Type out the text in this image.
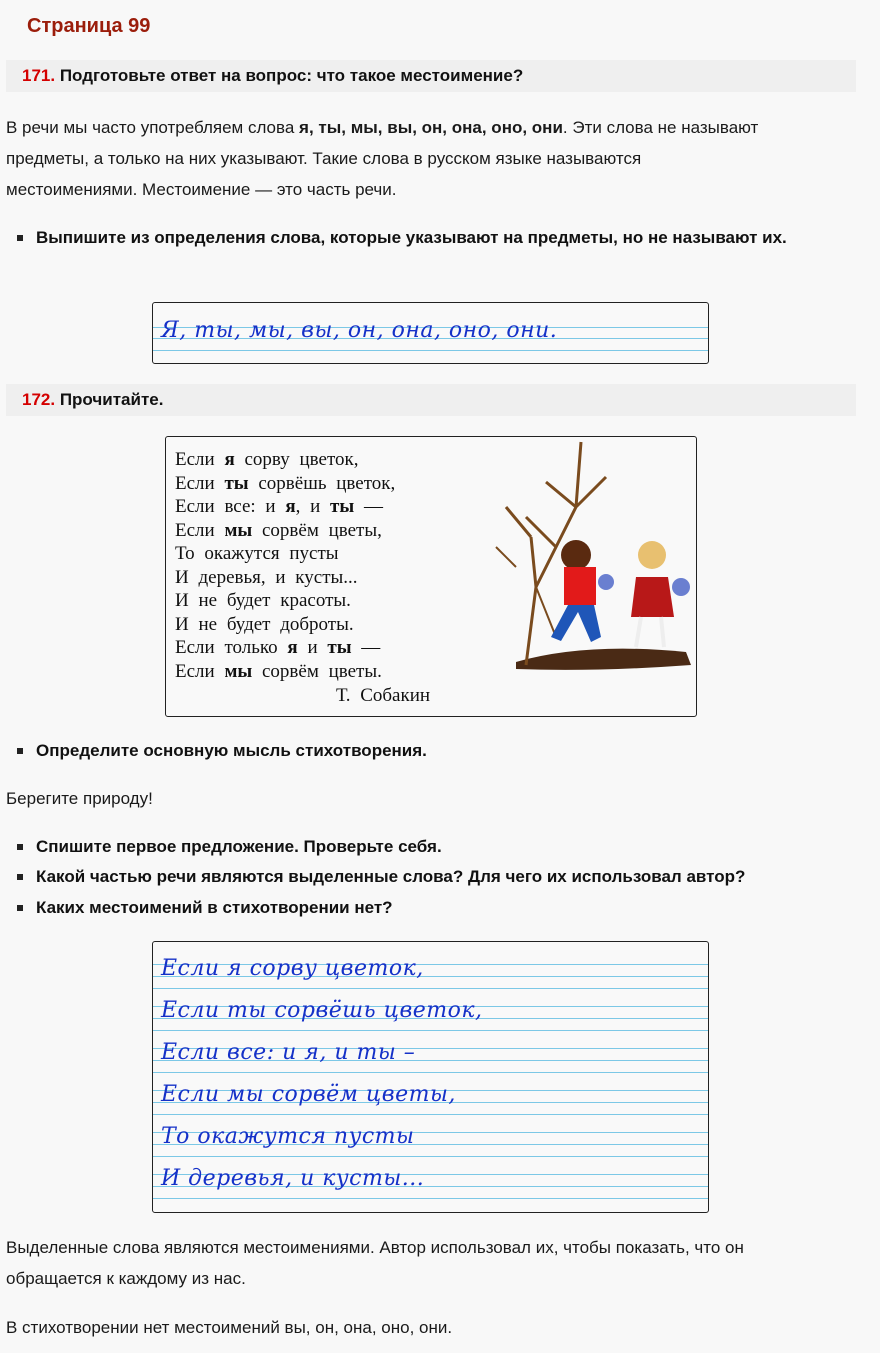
Страница 99
171. Подготовьте ответ на вопрос: что такое местоимение?
В речи мы часто употребляем слова я, ты, мы, вы, он, она, оно, они. Эти слова не называют
предметы, а только на них указывают. Такие слова в русском языке называются
местоимениями. Местоимение — это часть речи.
Выпишите из определения слова, которые указывают на предметы, но не называют их.
Я, ты, мы, вы, он, она, оно, они.
172. Прочитайте.
Если я сорву цветок,
Если ты сорвёшь цветок,
Если все: и я, и ты —
Если мы сорвём цветы,
То окажутся пусты
И деревья, и кусты...
И не будет красоты.
И не будет доброты.
Если только я и ты —
Если мы сорвём цветы.
Т. Собакин
Определите основную мысль стихотворения.
Берегите природу!
Спишите первое предложение. Проверьте себя.
Какой частью речи являются выделенные слова? Для чего их использовал автор?
Каких местоимений в стихотворении нет?
Если я сорву цветок,
Если ты сорвёшь цветок,
Если все: и я, и ты –
Если мы сорвём цветы,
То окажутся пусты
И деревья, и кусты...
Выделенные слова являются местоимениями. Автор использовал их, чтобы показать, что он
обращается к каждому из нас.
В стихотворении нет местоимений вы, он, она, оно, они.
